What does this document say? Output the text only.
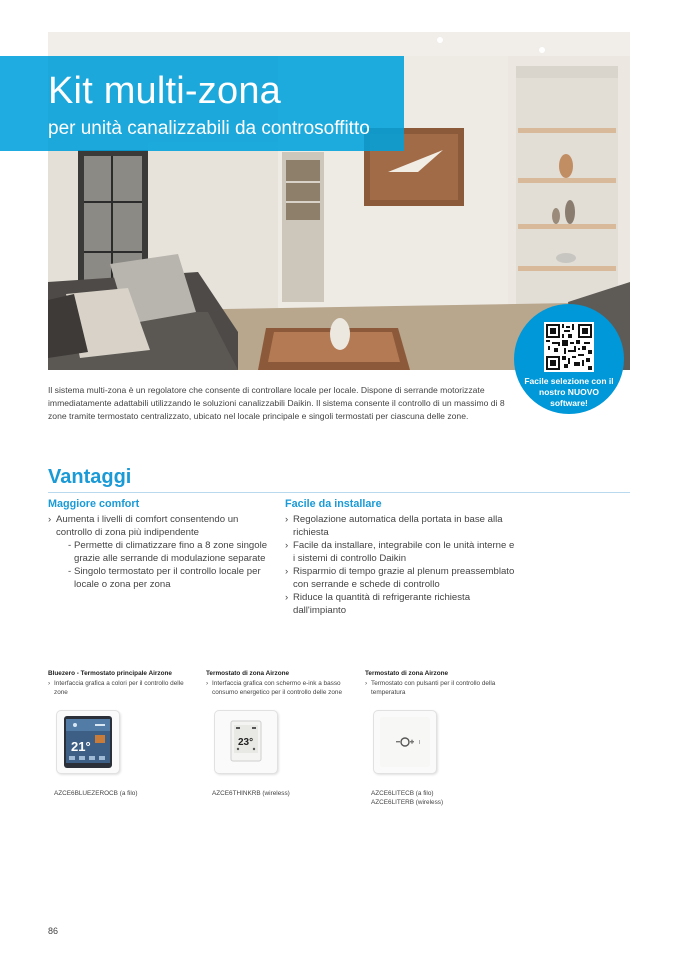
Kit multi-zona
per unità canalizzabili da controsoffitto
Facile selezione con il nostro NUOVO software!

Il sistema multi-zona è un regolatore che consente di controllare locale per locale. Dispone di serrande motorizzate immediatamente adattabili utilizzando le soluzioni canalizzabili Daikin. Il sistema consente il controllo di un massimo di 8 zone tramite termostato centralizzato, ubicato nel locale principale e singoli termostati per ciascuna delle zone.

Vantaggi
Maggiore comfort
› Aumenta i livelli di comfort consentendo un controllo di zona più indipendente
- Permette di climatizzare fino a 8 zone singole grazie alle serrande di modulazione separate
- Singolo termostato per il controllo locale per locale o zona per zona
Facile da installare
› Regolazione automatica della portata in base alla richiesta
› Facile da installare, integrabile con le unità interne e i sistemi di controllo Daikin
› Risparmio di tempo grazie al plenum preassemblato con serrande e schede di controllo
› Riduce la quantità di refrigerante richiesta dall'impianto
Bluezero - Termostato principale Airzone
› Interfaccia grafica a colori per il controllo delle zone
Termostato di zona Airzone
› Interfaccia grafica con schermo e-ink a basso consumo energetico per il controllo delle zone
Termostato di zona Airzone
› Termostato con pulsanti per il controllo della temperatura
21°	23°
AZCE6BLUEZEROCB (a filo)	AZCE6THINKRB (wireless)	AZCE6LITECB (a filo)
AZCE6LITERB (wireless)
86
